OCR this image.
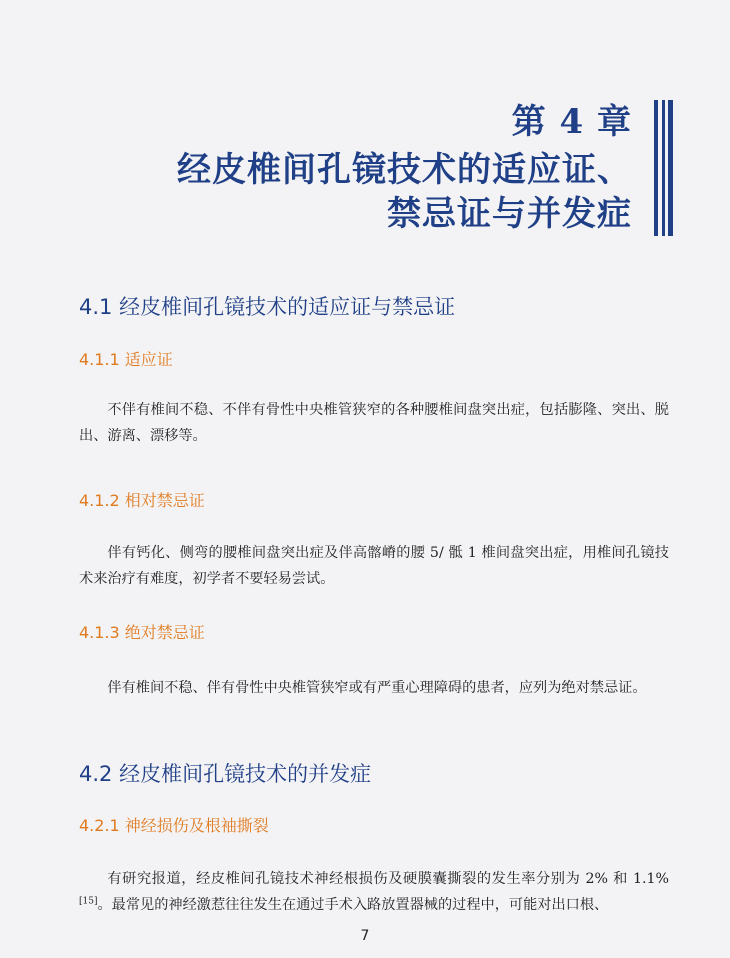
第 4 章
经皮椎间孔镜技术的适应证、
禁忌证与并发症
4.1 经皮椎间孔镜技术的适应证与禁忌证
4.1.1 适应证
不伴有椎间不稳、不伴有骨性中央椎管狭窄的各种腰椎间盘突出症，包括膨隆、突出、脱出、游离、漂移等。
4.1.2 相对禁忌证
伴有钙化、侧弯的腰椎间盘突出症及伴高髂嵴的腰 5/ 骶 1 椎间盘突出症，用椎间孔镜技术来治疗有难度，初学者不要轻易尝试。
4.1.3 绝对禁忌证
伴有椎间不稳、伴有骨性中央椎管狭窄或有严重心理障碍的患者，应列为绝对禁忌证。
4.2 经皮椎间孔镜技术的并发症
4.2.1 神经损伤及根袖撕裂
有研究报道，经皮椎间孔镜技术神经根损伤及硬膜囊撕裂的发生率分别为 2% 和 1.1%[15]。最常见的神经激惹往往发生在通过手术入路放置器械的过程中，可能对出口根、
7
